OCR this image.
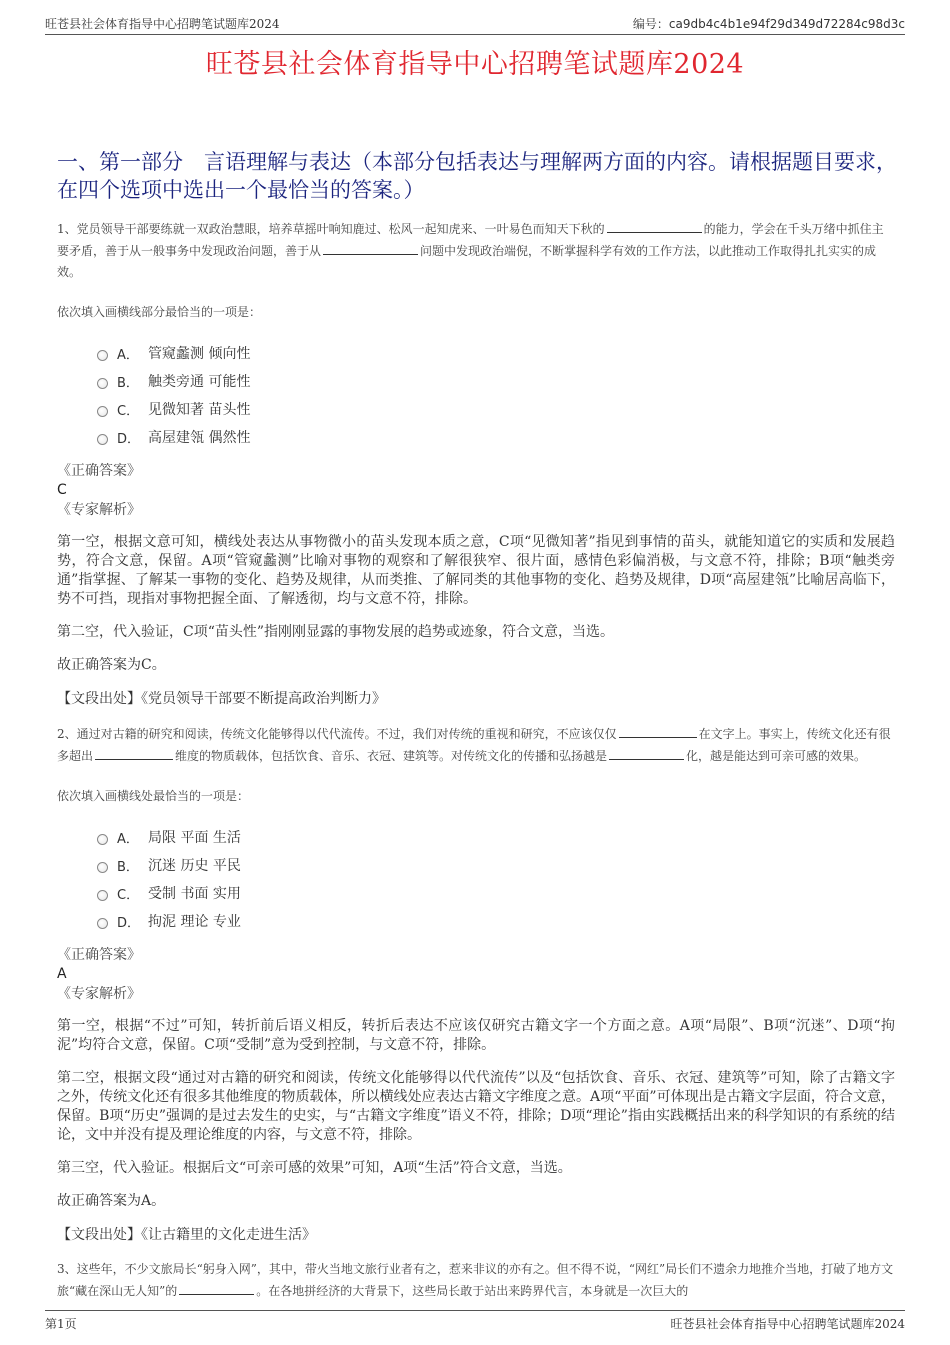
旺苍县社会体育指导中心招聘笔试题库2024	编号：ca9db4c4b1e94f29d349d72284c98d3c
旺苍县社会体育指导中心招聘笔试题库2024
一、第一部分　言语理解与表达（本部分包括表达与理解两方面的内容。请根据题目要求，在四个选项中选出一个最恰当的答案。）

1、党员领导干部要练就一双政治慧眼，培养草摇叶响知鹿过、松风一起知虎来、一叶易色而知天下秋的	的能力，学会在千头万绪中抓住主要矛盾，善于从一般事务中发现政治问题，善于从	问题中发现政治端倪，不断掌握科学有效的工作方法，以此推动工作取得扎扎实实的成效。

依次填入画横线部分最恰当的一项是：

A． 管窥蠡测 倾向性
B． 触类旁通 可能性
C． 见微知著 苗头性
D． 高屋建瓴 偶然性
《正确答案》
C
《专家解析》

第一空，根据文意可知，横线处表达从事物微小的苗头发现本质之意，C项“见微知著”指见到事情的苗头，就能知道它的实质和发展趋势，符合文意，保留。A项“管窥蠡测”比喻对事物的观察和了解很狭窄、很片面，感情色彩偏消极，与文意不符，排除；B项“触类旁通”指掌握、了解某一事物的变化、趋势及规律，从而类推、了解同类的其他事物的变化、趋势及规律，D项“高屋建瓴”比喻居高临下，势不可挡，现指对事物把握全面、了解透彻，均与文意不符，排除。

第二空，代入验证，C项“苗头性”指刚刚显露的事物发展的趋势或迹象，符合文意，当选。

故正确答案为C。

【文段出处】《党员领导干部要不断提高政治判断力》

2、通过对古籍的研究和阅读，传统文化能够得以代代流传。不过，我们对传统的重视和研究，不应该仅仅	在文字上。事实上，传统文化还有很多超出	维度的物质载体，包括饮食、音乐、衣冠、建筑等。对传统文化的传播和弘扬越是	化，越是能达到可亲可感的效果。

依次填入画横线处最恰当的一项是：

A． 局限 平面 生活
B． 沉迷 历史 平民
C． 受制 书面 实用
D． 拘泥 理论 专业
《正确答案》
A
《专家解析》

第一空，根据“不过”可知，转折前后语义相反，转折后表达不应该仅研究古籍文字一个方面之意。A项“局限”、B项“沉迷”、D项“拘泥”均符合文意，保留。C项“受制”意为受到控制，与文意不符，排除。

第二空，根据文段“通过对古籍的研究和阅读，传统文化能够得以代代流传”以及“包括饮食、音乐、衣冠、建筑等”可知，除了古籍文字之外，传统文化还有很多其他维度的物质载体，所以横线处应表达古籍文字维度之意。A项“平面”可体现出是古籍文字层面，符合文意，保留。B项“历史”强调的是过去发生的史实，与“古籍文字维度”语义不符，排除；D项“理论”指由实践概括出来的科学知识的有系统的结论，文中并没有提及理论维度的内容，与文意不符，排除。

第三空，代入验证。根据后文“可亲可感的效果”可知，A项“生活”符合文意，当选。

故正确答案为A。

【文段出处】《让古籍里的文化走进生活》

3、这些年，不少文旅局长“躬身入网”，其中，带火当地文旅行业者有之，惹来非议的亦有之。但不得不说，“网红”局长们不遗余力地推介当地，打破了地方文旅“藏在深山无人知”的	。在各地拼经济的大背景下，这些局长敢于站出来跨界代言，本身就是一次巨大的

第1页	旺苍县社会体育指导中心招聘笔试题库2024
